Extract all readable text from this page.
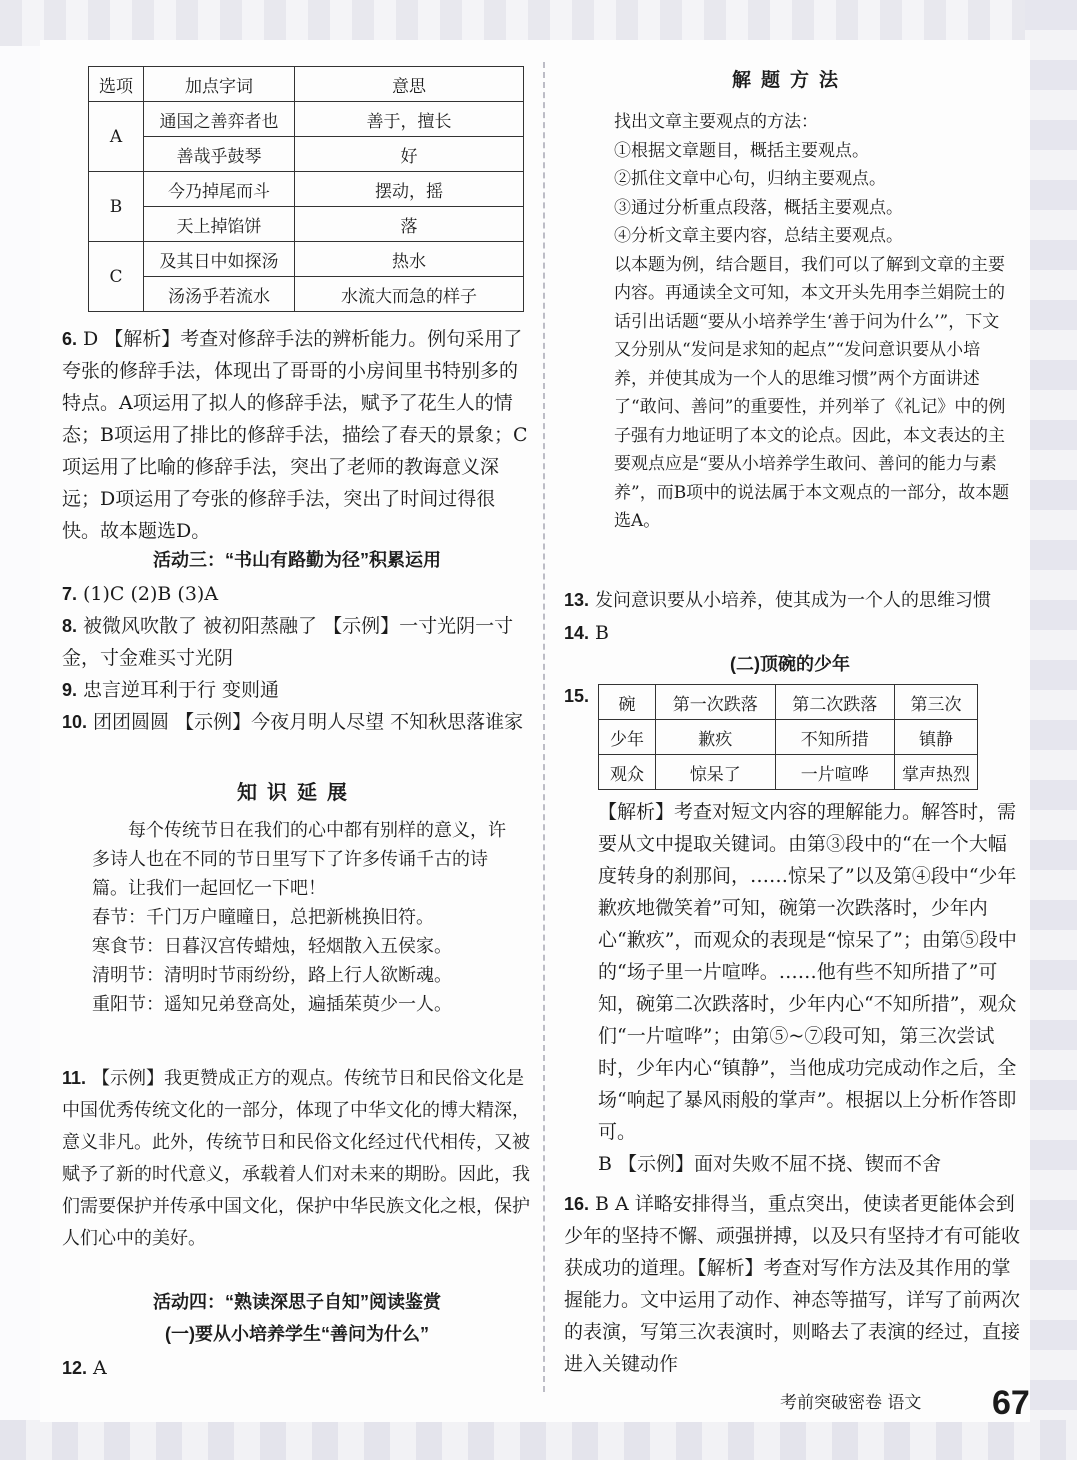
选项	加点字词	意思
A	通国之善弈者也	善于，擅长
	善哉乎鼓琴	好
B	今乃掉尾而斗	摆动，摇
	天上掉馅饼	落
C	及其日中如探汤	热水
	汤汤乎若流水	水流大而急的样子

6. D 【解析】考查对修辞手法的辨析能力。例句采用了夸张的修辞手法，体现出了哥哥的小房间里书特别多的特点。A项运用了拟人的修辞手法，赋予了花生人的情态；B项运用了排比的修辞手法，描绘了春天的景象；C项运用了比喻的修辞手法，突出了老师的教诲意义深远；D项运用了夸张的修辞手法，突出了时间过得很快。故本题选D。

活动三：“书山有路勤为径”积累运用

7. (1)C (2)B (3)A

8. 被微风吹散了 被初阳蒸融了 【示例】一寸光阴一寸金，寸金难买寸光阴

9. 忠言逆耳利于行 变则通

10. 团团圆圆 【示例】今夜月明人尽望 不知秋思落谁家

知识延展

每个传统节日在我们的心中都有别样的意义，许多诗人也在不同的节日里写下了许多传诵千古的诗篇。让我们一起回忆一下吧！

春节：千门万户曈曈日，总把新桃换旧符。

寒食节：日暮汉宫传蜡烛，轻烟散入五侯家。

清明节：清明时节雨纷纷，路上行人欲断魂。

重阳节：遥知兄弟登高处，遍插茱萸少一人。

11. 【示例】我更赞成正方的观点。传统节日和民俗文化是中国优秀传统文化的一部分，体现了中华文化的博大精深，意义非凡。此外，传统节日和民俗文化经过代代相传，又被赋予了新的时代意义，承载着人们对未来的期盼。因此，我们需要保护并传承中国文化，保护中华民族文化之根，保护人们心中的美好。

活动四：“熟读深思子自知”阅读鉴赏

(一)要从小培养学生“善问为什么”

12. A

解题方法

找出文章主要观点的方法：

①根据文章题目，概括主要观点。

②抓住文章中心句，归纳主要观点。

③通过分析重点段落，概括主要观点。

④分析文章主要内容，总结主要观点。

以本题为例，结合题目，我们可以了解到文章的主要内容。再通读全文可知，本文开头先用李兰娟院士的话引出话题“要从小培养学生‘善于问为什么’”，下文又分别从“发问是求知的起点”“发问意识要从小培养，并使其成为一个人的思维习惯”两个方面讲述了“敢问、善问”的重要性，并列举了《礼记》中的例子强有力地证明了本文的论点。因此，本文表达的主要观点应是“要从小培养学生敢问、善问的能力与素养”，而B项中的说法属于本文观点的一部分，故本题选A。

13. 发问意识要从小培养，使其成为一个人的思维习惯

14. B

(二)顶碗的少年

15. 碗	第一次跌落	第二次跌落	第三次
少年	歉疚	不知所措	镇静
观众	惊呆了	一片喧哗	掌声热烈

【解析】考查对短文内容的理解能力。解答时，需要从文中提取关键词。由第③段中的“在一个大幅度转身的刹那间，……惊呆了”以及第④段中“少年歉疚地微笑着”可知，碗第一次跌落时，少年内心“歉疚”，而观众的表现是“惊呆了”；由第⑤段中的“场子里一片喧哗。……他有些不知所措了”可知，碗第二次跌落时，少年内心“不知所措”，观众们“一片喧哗”；由第⑤~⑦段可知，第三次尝试时，少年内心“镇静”，当他成功完成动作之后，全场“响起了暴风雨般的掌声”。根据以上分析作答即可。

B 【示例】面对失败不屈不挠、锲而不舍

16. B A 详略安排得当，重点突出，使读者更能体会到少年的坚持不懈、顽强拼搏，以及只有坚持才有可能收获成功的道理。【解析】考查对写作方法及其作用的掌握能力。文中运用了动作、神态等描写，详写了前两次的表演，写第三次表演时，则略去了表演的经过，直接进入关键动作

考前突破密卷 语文 67
